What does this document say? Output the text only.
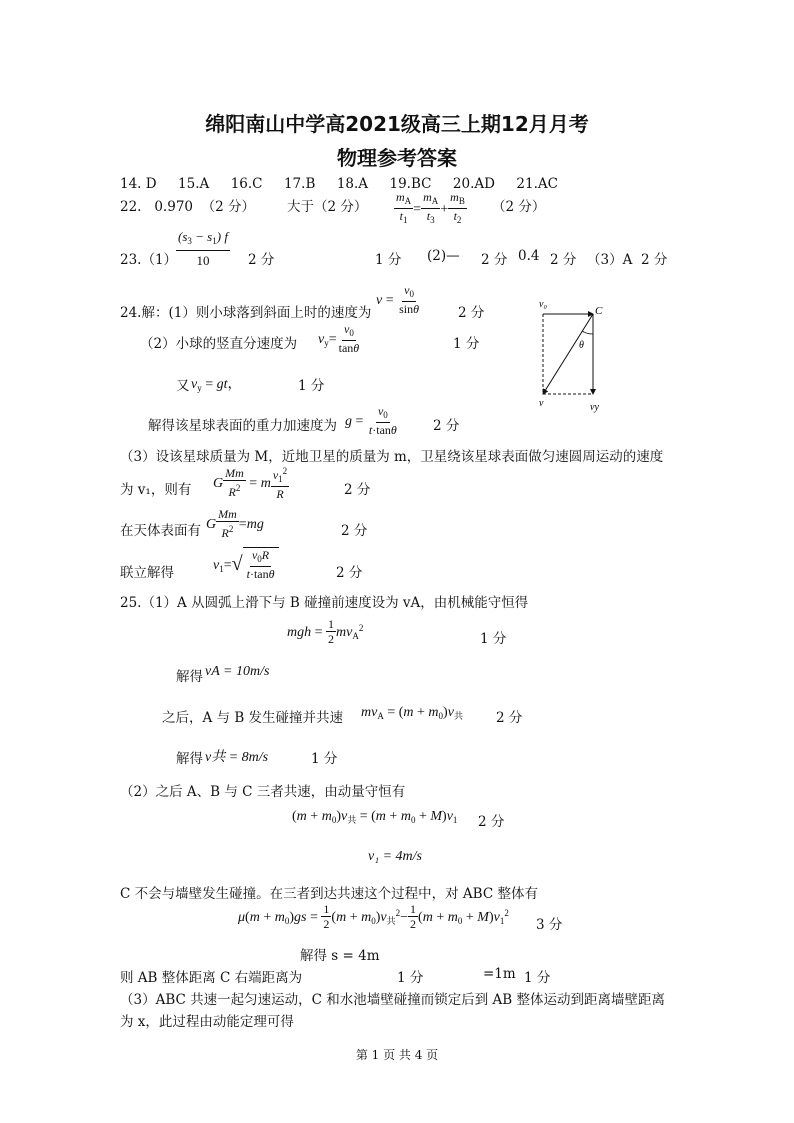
绵阳南山中学高2021级高三上期12月月考
物理参考答案
14. D     15.A     16.C     17.B     18.A     19.BC     20.AD     21.AC
22.   0.970  （2 分） 大于（2 分） $\frac{m_A}{t_1} = \frac{m_A}{t_3} + \frac{m_B}{t_2} (2$ 分）
23.（1）
$\frac{(s_3 - s_1) f}{10} 2$ 分	1 分 (2)— 2 分 0.4 2 分 （3）A 2 分
24.解：(1）则小球落到斜面上时的速度为
$v = \frac{v_0}{\sin\theta}$	2 分
（2）小球的竖直分速度为 $v_y= \frac{v_0}{\tan\theta}$	1 分
又 $v_y$ = gt，	1 分
解得该星球表面的重力加速度为 $g = \frac{v_0}{t\cdot\tan\theta}$	2 分
（3）设该星球质量为 M，近地卫星的质量为 m，卫星绕该星球表面做匀速圆周运动的速度
为 v₁，则有 G $\frac{Mm}{R^2} = m \frac{v_1^2}{R}$	2 分
在天体表面有 G $\frac{Mm}{R^2} =mg$	2 分
联立解得	$v_1=√ \frac{v_0R}{t\cdot\tan\theta}$	2 分
v₀
C
θ
v	vy
25.（1）A 从圆弧上滑下与 B 碰撞前速度设为 vA，由机械能守恒得
mgh = $\frac{1}{2} mv_A^2$
1 分
解得 vA = 10m/s
之后，A 与 B 发生碰撞并共速 $mv_A = (m + m_0)v_共$ 2 分
解得 v共 = 8m/s	1 分
（2）之后 A、B 与 C 三者共速，由动量守恒有
$(m + m_0)v_共 = (m + m_0 + M)v_1$ 2 分
v₁ = 4m/s
C 不会与墙壁发生碰撞。在三者到达共速这个过程中，对 ABC 整体有
$\mu(m + m_0)gs = \frac{1}{2} (m + m_0)v_共^2- \frac{1}{2} (m + m_0 + M)v_1^2$
3 分
解得 s = 4m
则 AB 整体距离 C 右端距离为	1 分	=1m 1 分
（3）ABC 共速一起匀速运动，C 和水池墙壁碰撞而锁定后到 AB 整体运动到距离墙壁距离
为 x，此过程由动能定理可得
第 1 页 共 4 页
